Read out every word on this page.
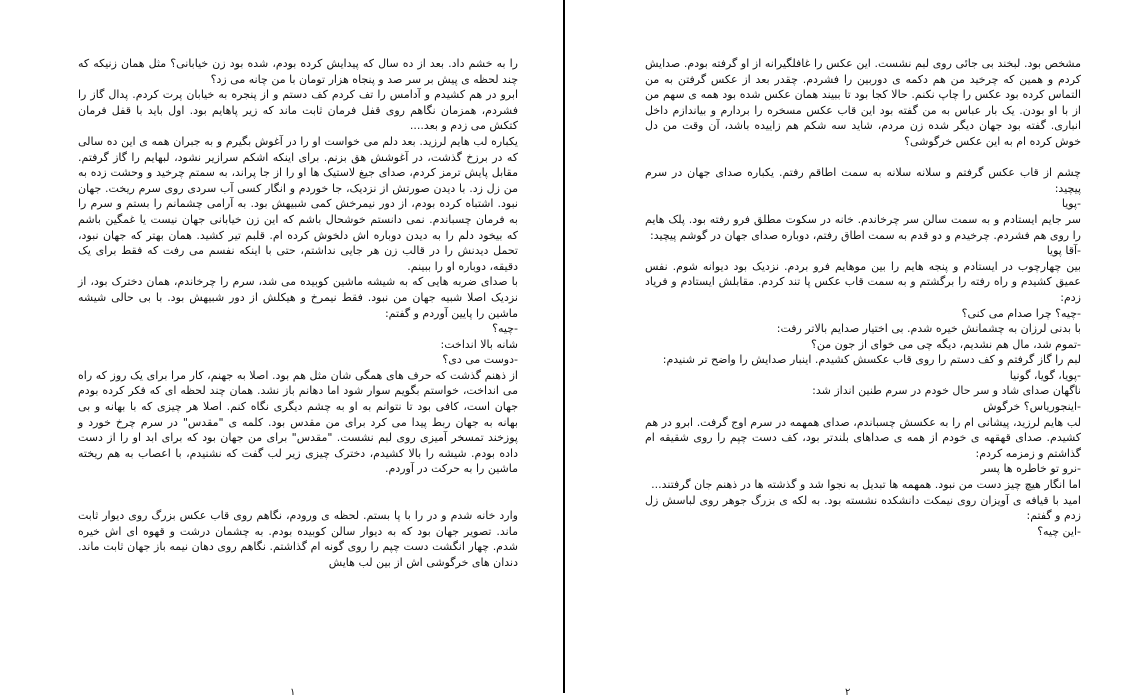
را به خشم داد. بعد از ده سال که پیدایش کرده بودم، شده بود زن خیابانی؟ مثل همان زنیکه که چند لحظه ی پیش بر سر صد و پنجاه هزار تومان با من چانه می زد؟

ابرو در هم کشیدم و آدامس را تف کردم کف دستم و از پنجره به خیابان پرت کردم. پدال گاز را فشردم، همزمان نگاهم روی قفل فرمان ثابت ماند که زیر پاهایم بود. اول باید با قفل فرمان کتکش می زدم و بعد....

یکباره لب هایم لرزید. بعد دلم می خواست او را در آغوش بگیرم و به جبران همه ی این ده سالی که در برزخ گذشت، در آغوشش هق بزنم. برای اینکه اشکم سرازیر نشود، لبهایم را گاز گرفتم. مقابل پایش ترمز کردم، صدای جیغ لاستیک ها او را از جا پراند، به سمتم چرخید و وحشت زده به من زل زد. با دیدن صورتش از نزدیک، جا خوردم و انگار کسی آب سردی روی سرم ریخت. جهان نبود. اشتباه کرده بودم، از دور نیمرخش کمی شبیهش بود. به آرامی چشمانم را بستم و سرم را به فرمان چسباندم. نمی دانستم خوشحال باشم که این زن خیابانی جهان نیست یا غمگین باشم که بیخود دلم را به دیدن دوباره اش دلخوش کرده ام. قلبم تیر کشید. همان بهتر که جهان نبود، تحمل دیدنش را در قالب زن هر جایی نداشتم، حتی با اینکه نفسم می رفت که فقط برای یک دقیقه، دوباره او را ببینم.

با صدای ضربه هایی که به شیشه ماشین کوبیده می شد، سرم را چرخاندم، همان دخترک بود، از نزدیک اصلا شبیه جهان من نبود. فقط نیمرخ و هیکلش از دور شبیهش بود. با بی حالی شیشه ماشین را پایین آوردم و گفتم:

-چیه؟

شانه بالا انداخت:

-دوست می دی؟

از ذهنم گذشت که حرف های همگی شان مثل هم بود. اصلا به جهنم، کار مرا برای یک روز که راه می انداخت، خواستم بگویم سوار شود اما دهانم باز نشد. همان چند لحظه ای که فکر کرده بودم جهان است، کافی بود تا نتوانم به او به چشم دیگری نگاه کنم. اصلا هر چیزی که با بهانه و بی بهانه به جهان ربط پیدا می کرد برای من مقدس بود. کلمه ی "مقدس" در سرم چرخ خورد و پوزخند تمسخر آمیزی روی لبم نشست. "مقدس" برای من جهان بود که برای ابد او را از دست داده بودم. شیشه را بالا کشیدم، دخترک چیزی زیر لب گفت که نشنیدم، با اعصاب به هم ریخته ماشین را به حرکت در آوردم.

وارد خانه شدم و در را با پا بستم. لحظه ی ورودم، نگاهم روی قاب عکس بزرگ روی دیوار ثابت ماند. تصویر جهان بود که به دیوار سالن کوبیده بودم. به چشمان درشت و قهوه ای اش خیره شدم. چهار انگشت دست چپم را روی گونه ام گذاشتم. نگاهم روی دهان نیمه باز جهان ثابت ماند. دندان های خرگوشی اش از بین لب هایش

مشخص بود. لبخند بی جائی روی لبم نشست. این عکس را غافلگیرانه از او گرفته بودم. صدایش کردم و همین که چرخید من هم دکمه ی دوربین را فشردم. چقدر بعد از عکس گرفتن به من التماس کرده بود عکس را چاپ نکنم. حالا کجا بود تا ببیند همان عکس شده بود همه ی سهم من از با او بودن. یک بار عباس به من گفته بود این قاب عکس مسخره را بردارم و بیاندازم داخل انباری. گفته بود جهان دیگر شده زن مردم، شاید سه شکم هم زاییده باشد، آن وقت من دل خوش کرده ام به این عکس خرگوشی؟

چشم از قاب عکس گرفتم و سلانه سلانه به سمت اطاقم رفتم. یکباره صدای جهان در سرم پیچید:

-پویا

سر جایم ایستادم و به سمت سالن سر چرخاندم. خانه در سکوت مطلق فرو رفته بود. پلک هایم را روی هم فشردم. چرخیدم و دو قدم به سمت اطاق رفتم، دوباره صدای جهان در گوشم پیچید:

-آقا پویا

بین چهارچوب در ایستادم و پنجه هایم را بین موهایم فرو بردم. نزدیک بود دیوانه شوم. نفس عمیق کشیدم و راه رفته را برگشتم و به سمت قاب عکس پا تند کردم. مقابلش ایستادم و فریاد زدم:

-چیه؟ چرا صدام می کنی؟

با بدنی لرزان به چشمانش خیره شدم. بی اختیار صدایم بالاتر رفت:

-تموم شد، مال هم نشدیم، دیگه چی می خوای از جون من؟

لبم را گاز گرفتم و کف دستم را روی قاب عکسش کشیدم. اینبار صدایش را واضح تر شنیدم:

-پویا، گویا، گونیا

ناگهان صدای شاد و سر حال خودم در سرم طنین انداز شد:

-اینجوریاس؟ خرگوش

لب هایم لرزید، پیشانی ام را به عکسش چسباندم، صدای همهمه در سرم اوج گرفت. ابرو در هم کشیدم. صدای قهقهه ی خودم از همه ی صداهای بلندتر بود، کف دست چپم را روی شقیقه ام گذاشتم و زمزمه کردم:

-نرو تو خاطره ها پسر

اما انگار هیچ چیز دست من نبود. همهمه ها تبدیل به نجوا شد و گذشته ها در ذهنم جان گرفتند...

امید با قیافه ی آویزان روی نیمکت دانشکده نشسته بود. به لکه ی بزرگ جوهر روی لباسش زل زدم و گفتم:

-این چیه؟

۱	۲
